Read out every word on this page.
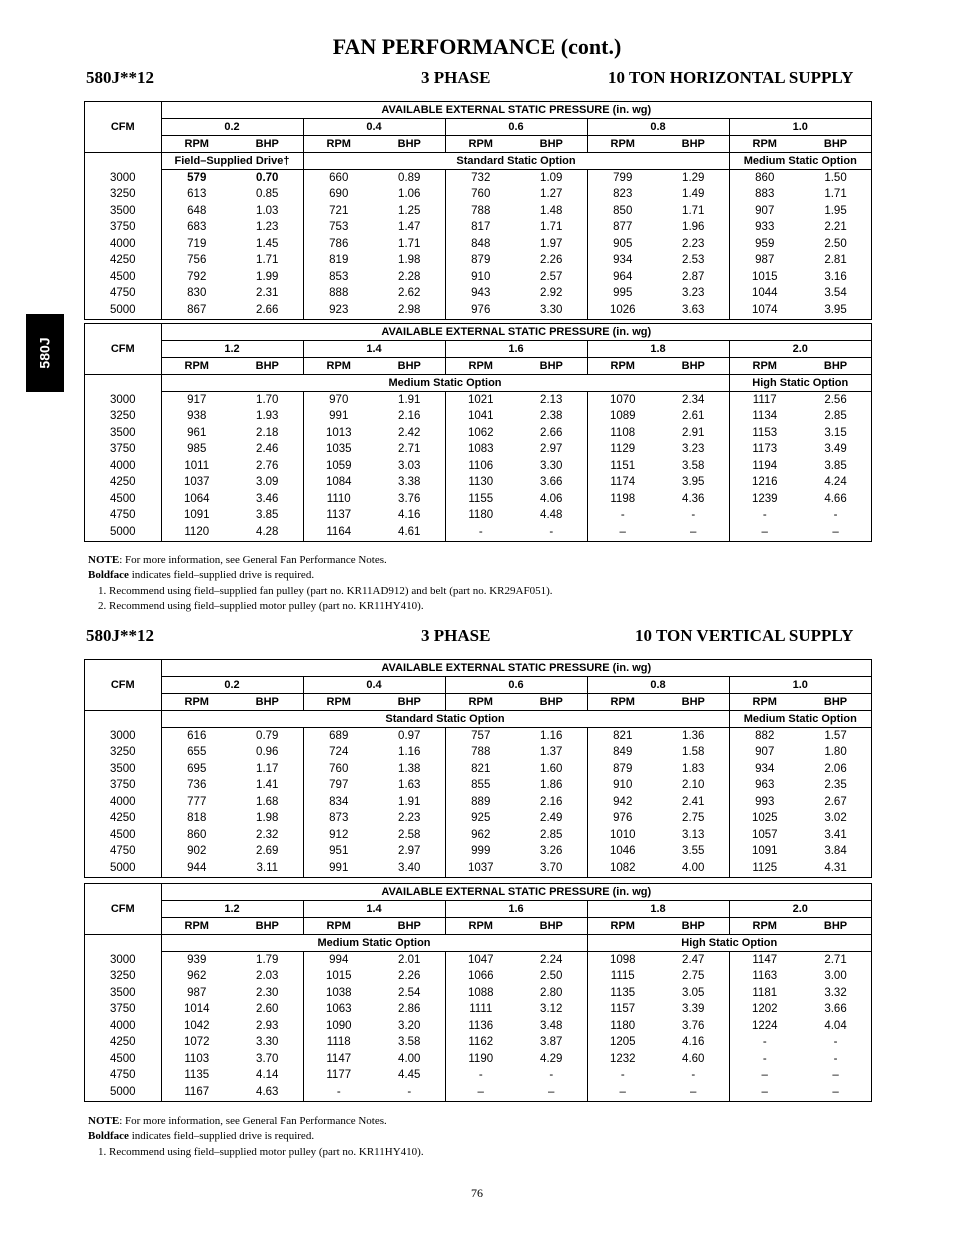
FAN PERFORMANCE (cont.)
580J
580J**12	3 PHASE	10 TON HORIZONTAL SUPPLY
CFM	AVAILABLE EXTERNAL STATIC PRESSURE (in. wg)									
	0.2		0.4		0.6		0.8		1.0	
	RPM	BHP	RPM	BHP	RPM	BHP	RPM	BHP	RPM	BHP
	Field–Supplied Drive†		Standard Static Option						Medium Static Option	
3000	579	0.70	660	0.89	732	1.09	799	1.29	860	1.50
3250	613	0.85	690	1.06	760	1.27	823	1.49	883	1.71
3500	648	1.03	721	1.25	788	1.48	850	1.71	907	1.95
3750	683	1.23	753	1.47	817	1.71	877	1.96	933	2.21
4000	719	1.45	786	1.71	848	1.97	905	2.23	959	2.50
4250	756	1.71	819	1.98	879	2.26	934	2.53	987	2.81
4500	792	1.99	853	2.28	910	2.57	964	2.87	1015	3.16
4750	830	2.31	888	2.62	943	2.92	995	3.23	1044	3.54
5000	867	2.66	923	2.98	976	3.30	1026	3.63	1074	3.95
CFM	AVAILABLE EXTERNAL STATIC PRESSURE (in. wg)									
	1.2		1.4		1.6		1.8		2.0	
	RPM	BHP	RPM	BHP	RPM	BHP	RPM	BHP	RPM	BHP
	Medium Static Option								High Static Option	
3000	917	1.70	970	1.91	1021	2.13	1070	2.34	1117	2.56
3250	938	1.93	991	2.16	1041	2.38	1089	2.61	1134	2.85
3500	961	2.18	1013	2.42	1062	2.66	1108	2.91	1153	3.15
3750	985	2.46	1035	2.71	1083	2.97	1129	3.23	1173	3.49
4000	1011	2.76	1059	3.03	1106	3.30	1151	3.58	1194	3.85
4250	1037	3.09	1084	3.38	1130	3.66	1174	3.95	1216	4.24
4500	1064	3.46	1110	3.76	1155	4.06	1198	4.36	1239	4.66
4750	1091	3.85	1137	4.16	1180	4.48	-	-	-	-
5000	1120	4.28	1164	4.61	-	-	–	–	–	–
NOTE: For more information, see General Fan Performance Notes.
Boldface indicates field–supplied drive is required.
1. Recommend using field–supplied fan pulley (part no. KR11AD912) and belt (part no. KR29AF051).
2. Recommend using field–supplied motor pulley (part no. KR11HY410).
580J**12	3 PHASE	10 TON VERTICAL SUPPLY
CFM	AVAILABLE EXTERNAL STATIC PRESSURE (in. wg)									
	0.2		0.4		0.6		0.8		1.0	
	RPM	BHP	RPM	BHP	RPM	BHP	RPM	BHP	RPM	BHP
	Standard Static Option								Medium Static Option	
3000	616	0.79	689	0.97	757	1.16	821	1.36	882	1.57
3250	655	0.96	724	1.16	788	1.37	849	1.58	907	1.80
3500	695	1.17	760	1.38	821	1.60	879	1.83	934	2.06
3750	736	1.41	797	1.63	855	1.86	910	2.10	963	2.35
4000	777	1.68	834	1.91	889	2.16	942	2.41	993	2.67
4250	818	1.98	873	2.23	925	2.49	976	2.75	1025	3.02
4500	860	2.32	912	2.58	962	2.85	1010	3.13	1057	3.41
4750	902	2.69	951	2.97	999	3.26	1046	3.55	1091	3.84
5000	944	3.11	991	3.40	1037	3.70	1082	4.00	1125	4.31
CFM	AVAILABLE EXTERNAL STATIC PRESSURE (in. wg)									
	1.2		1.4		1.6		1.8		2.0	
	RPM	BHP	RPM	BHP	RPM	BHP	RPM	BHP	RPM	BHP
	Medium Static Option						High Static Option			
3000	939	1.79	994	2.01	1047	2.24	1098	2.47	1147	2.71
3250	962	2.03	1015	2.26	1066	2.50	1115	2.75	1163	3.00
3500	987	2.30	1038	2.54	1088	2.80	1135	3.05	1181	3.32
3750	1014	2.60	1063	2.86	1111	3.12	1157	3.39	1202	3.66
4000	1042	2.93	1090	3.20	1136	3.48	1180	3.76	1224	4.04
4250	1072	3.30	1118	3.58	1162	3.87	1205	4.16	-	-
4500	1103	3.70	1147	4.00	1190	4.29	1232	4.60	-	-
4750	1135	4.14	1177	4.45	-	-	-	-	–	–
5000	1167	4.63	-	-	–	–	–	–	–	–
NOTE: For more information, see General Fan Performance Notes.
Boldface indicates field–supplied drive is required.
1. Recommend using field–supplied motor pulley (part no. KR11HY410).
76
